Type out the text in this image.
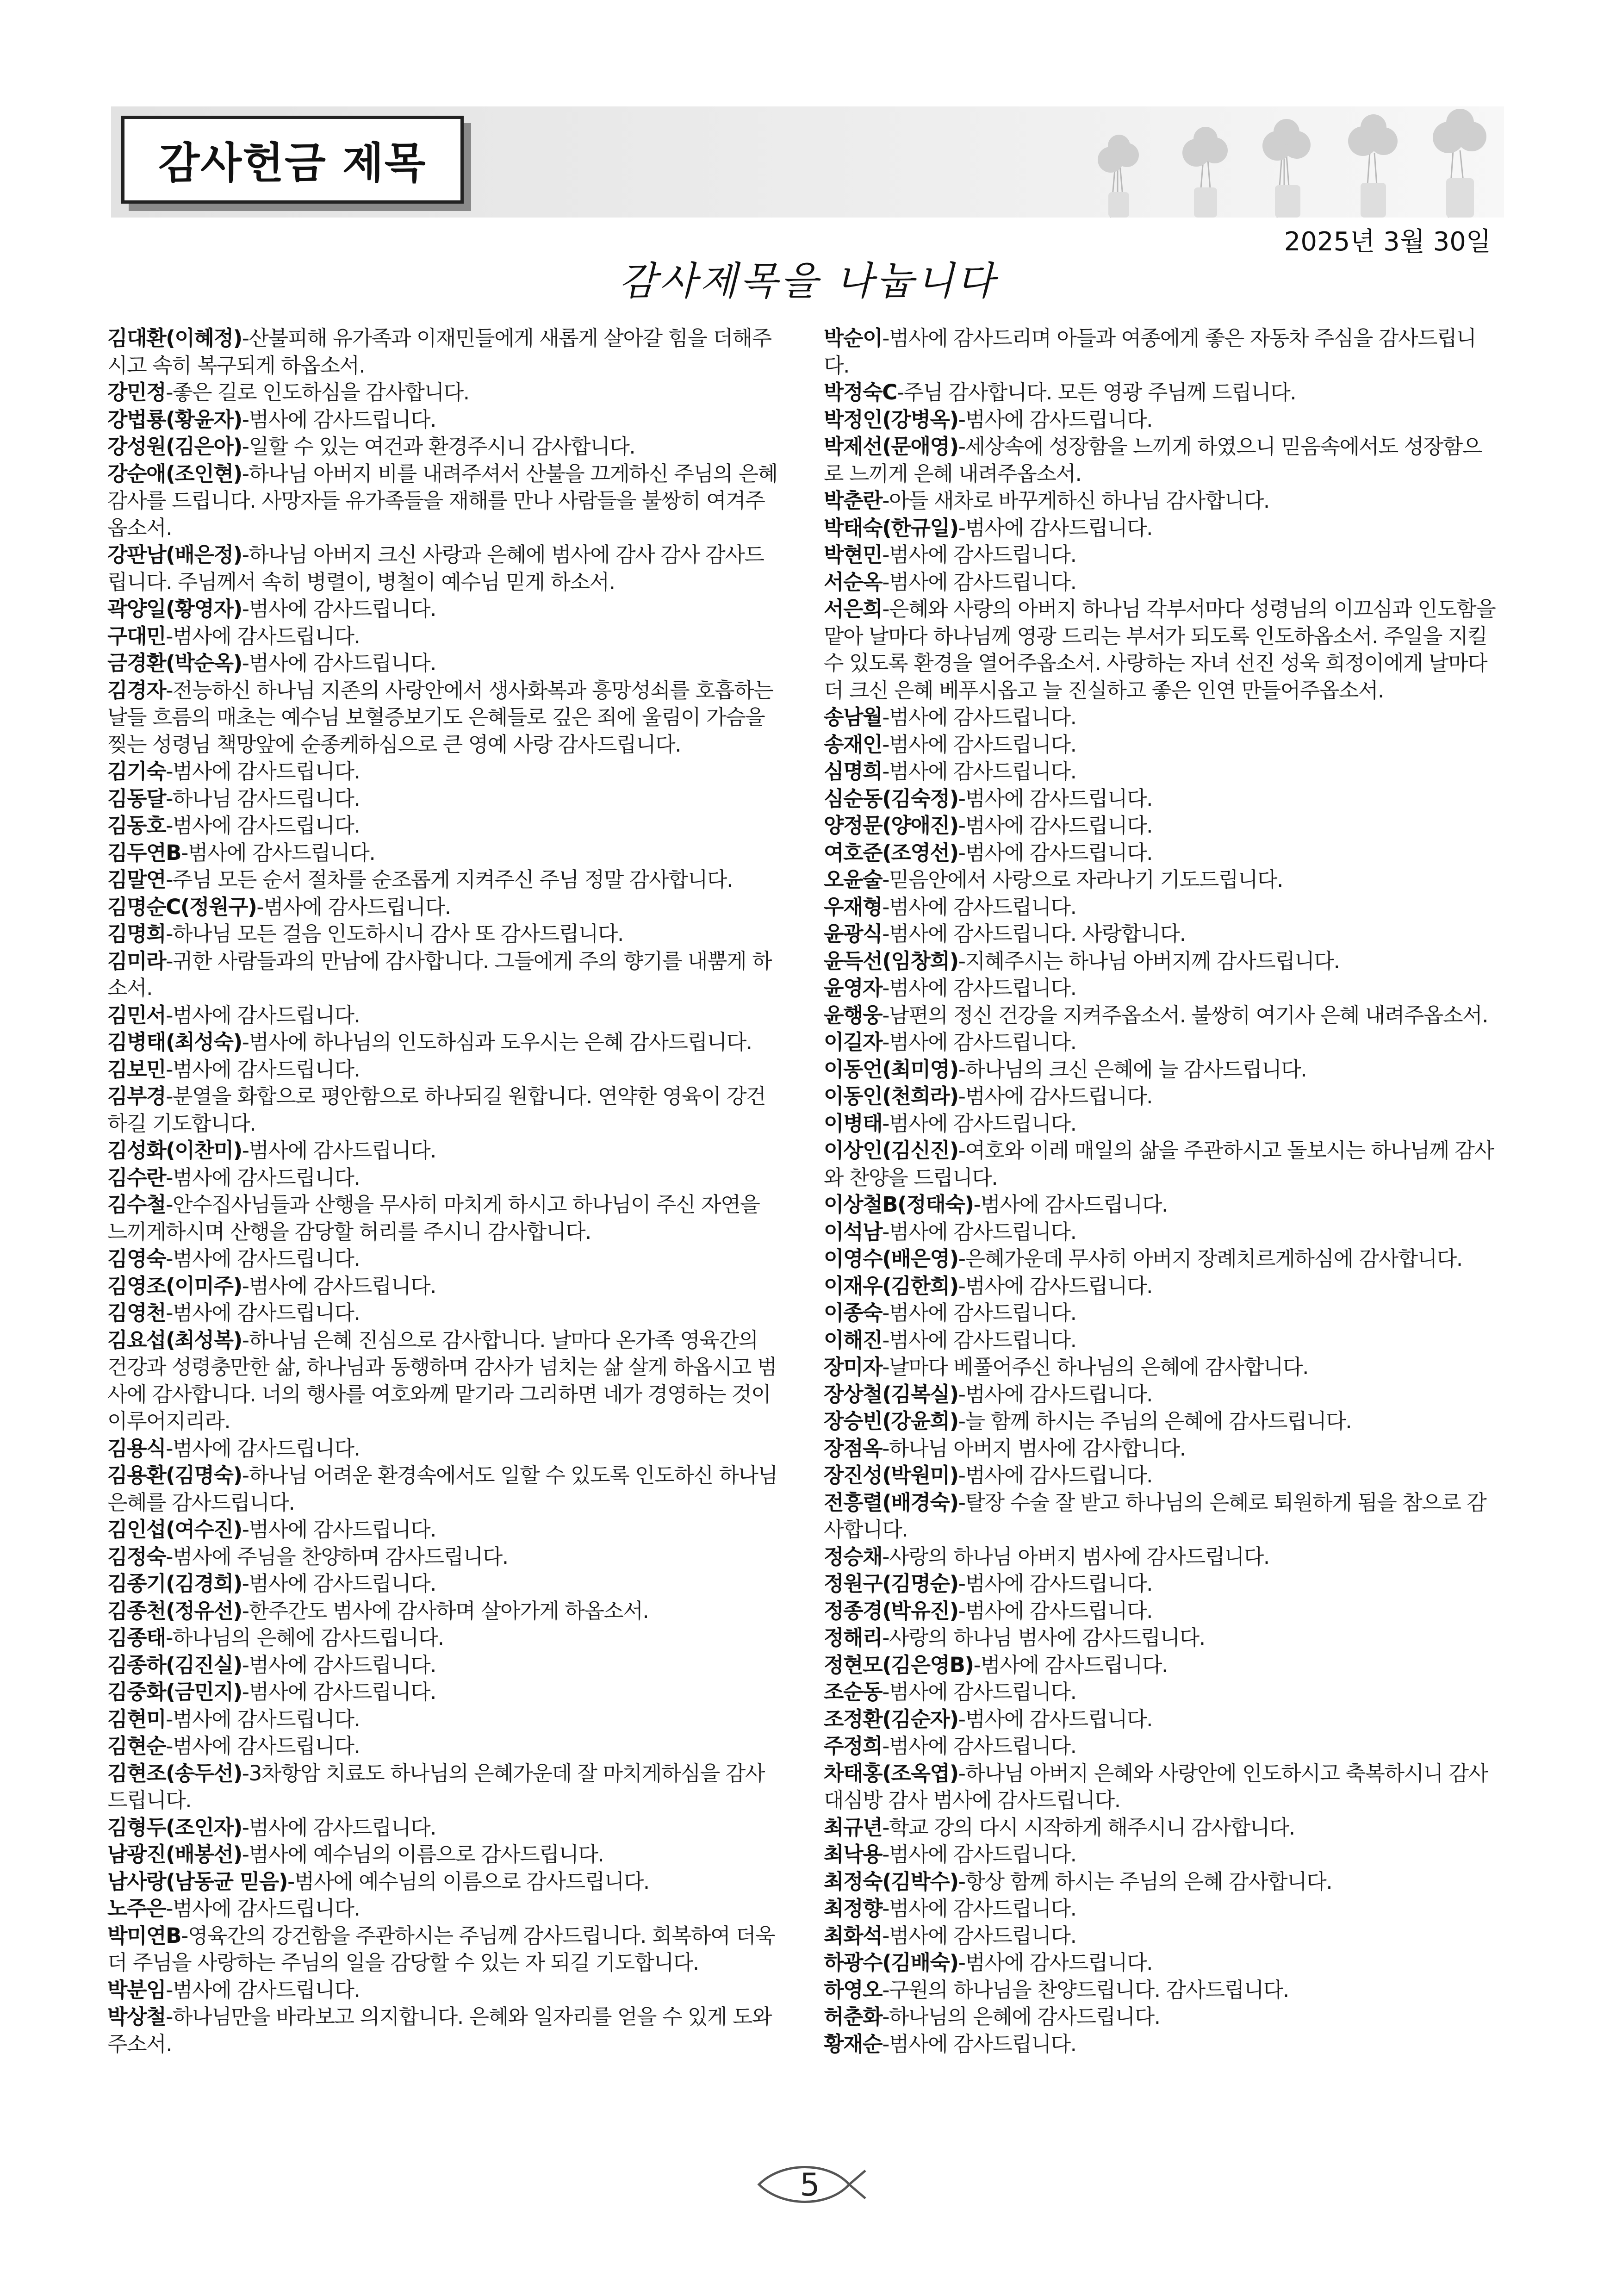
감사헌금 제목
2025년 3월 30일
감사제목을 나눕니다
김대환(이혜정)-산불피해 유가족과 이재민들에게 새롭게 살아갈 힘을 더해주시고 속히 복구되게 하옵소서.
강민정-좋은 길로 인도하심을 감사합니다.
강법룡(황윤자)-범사에 감사드립니다.
강성원(김은아)-일할 수 있는 여건과 환경주시니 감사합니다.
강순애(조인현)-하나님 아버지 비를 내려주셔서 산불을 끄게하신 주님의 은혜 감사를 드립니다. 사망자들 유가족들을 재해를 만나 사람들을 불쌍히 여겨주옵소서.
강판남(배은정)-하나님 아버지 크신 사랑과 은혜에 범사에 감사 감사 감사드립니다. 주님께서 속히 병렬이, 병철이 예수님 믿게 하소서.
곽양일(황영자)-범사에 감사드립니다.
구대민-범사에 감사드립니다.
금경환(박순옥)-범사에 감사드립니다.
김경자-전능하신 하나님 지존의 사랑안에서 생사화복과 흥망성쇠를 호흡하는 날들 흐름의 매초는 예수님 보혈증보기도 은혜들로 깊은 죄에 울림이 가슴을 찢는 성령님 책망앞에 순종케하심으로 큰 영예 사랑 감사드립니다.
김기숙-범사에 감사드립니다.
김동달-하나님 감사드립니다.
김동호-범사에 감사드립니다.
김두연B-범사에 감사드립니다.
김말연-주님 모든 순서 절차를 순조롭게 지켜주신 주님 정말 감사합니다.
김명순C(정원구)-범사에 감사드립니다.
김명희-하나님 모든 걸음 인도하시니 감사 또 감사드립니다.
김미라-귀한 사람들과의 만남에 감사합니다. 그들에게 주의 향기를 내뿜게 하소서.
김민서-범사에 감사드립니다.
김병태(최성숙)-범사에 하나님의 인도하심과 도우시는 은혜 감사드립니다.
김보민-범사에 감사드립니다.
김부경-분열을 화합으로 평안함으로 하나되길 원합니다. 연약한 영육이 강건하길 기도합니다.
김성화(이찬미)-범사에 감사드립니다.
김수란-범사에 감사드립니다.
김수철-안수집사님들과 산행을 무사히 마치게 하시고 하나님이 주신 자연을 느끼게하시며 산행을 감당할 허리를 주시니 감사합니다.
김영숙-범사에 감사드립니다.
김영조(이미주)-범사에 감사드립니다.
김영천-범사에 감사드립니다.
김요섭(최성복)-하나님 은혜 진심으로 감사합니다. 날마다 온가족 영육간의 건강과 성령충만한 삶, 하나님과 동행하며 감사가 넘치는 삶 살게 하옵시고 범사에 감사합니다. 너의 행사를 여호와께 맡기라 그리하면 네가 경영하는 것이 이루어지리라.
김용식-범사에 감사드립니다.
김용환(김명숙)-하나님 어려운 환경속에서도 일할 수 있도록 인도하신 하나님 은혜를 감사드립니다.
김인섭(여수진)-범사에 감사드립니다.
김정숙-범사에 주님을 찬양하며 감사드립니다.
김종기(김경희)-범사에 감사드립니다.
김종천(정유선)-한주간도 범사에 감사하며 살아가게 하옵소서.
김종태-하나님의 은혜에 감사드립니다.
김종하(김진실)-범사에 감사드립니다.
김중화(금민지)-범사에 감사드립니다.
김현미-범사에 감사드립니다.
김현순-범사에 감사드립니다.
김현조(송두선)-3차항암 치료도 하나님의 은혜가운데 잘 마치게하심을 감사드립니다.
김형두(조인자)-범사에 감사드립니다.
남광진(배봉선)-범사에 예수님의 이름으로 감사드립니다.
남사랑(남동균 믿음)-범사에 예수님의 이름으로 감사드립니다.
노주은-범사에 감사드립니다.
박미연B-영육간의 강건함을 주관하시는 주님께 감사드립니다. 회복하여 더욱더 주님을 사랑하는 주님의 일을 감당할 수 있는 자 되길 기도합니다.
박분임-범사에 감사드립니다.
박상철-하나님만을 바라보고 의지합니다. 은혜와 일자리를 얻을 수 있게 도와주소서.
박순이-범사에 감사드리며 아들과 여종에게 좋은 자동차 주심을 감사드립니다.
박정숙C-주님 감사합니다. 모든 영광 주님께 드립니다.
박정인(강병옥)-범사에 감사드립니다.
박제선(문애영)-세상속에 성장함을 느끼게 하였으니 믿음속에서도 성장함으로 느끼게 은혜 내려주옵소서.
박춘란-아들 새차로 바꾸게하신 하나님 감사합니다.
박태숙(한규일)-범사에 감사드립니다.
박현민-범사에 감사드립니다.
서순옥-범사에 감사드립니다.
서은희-은혜와 사랑의 아버지 하나님 각부서마다 성령님의 이끄심과 인도함을 맡아 날마다 하나님께 영광 드리는 부서가 되도록 인도하옵소서. 주일을 지킬수 있도록 환경을 열어주옵소서. 사랑하는 자녀 선진 성욱 희정이에게 날마다 더 크신 은혜 베푸시옵고 늘 진실하고 좋은 인연 만들어주옵소서.
송남월-범사에 감사드립니다.
송재인-범사에 감사드립니다.
심명희-범사에 감사드립니다.
심순동(김숙정)-범사에 감사드립니다.
양정문(양애진)-범사에 감사드립니다.
여호준(조영선)-범사에 감사드립니다.
오윤술-믿음안에서 사랑으로 자라나기 기도드립니다.
우재형-범사에 감사드립니다.
윤광식-범사에 감사드립니다. 사랑합니다.
윤득선(임창희)-지혜주시는 하나님 아버지께 감사드립니다.
윤영자-범사에 감사드립니다.
윤행웅-남편의 정신 건강을 지켜주옵소서. 불쌍히 여기사 은혜 내려주옵소서.
이길자-범사에 감사드립니다.
이동언(최미영)-하나님의 크신 은혜에 늘 감사드립니다.
이동인(천희라)-범사에 감사드립니다.
이병태-범사에 감사드립니다.
이상인(김신진)-여호와 이레 매일의 삶을 주관하시고 돌보시는 하나님께 감사와 찬양을 드립니다.
이상철B(정태숙)-범사에 감사드립니다.
이석남-범사에 감사드립니다.
이영수(배은영)-은혜가운데 무사히 아버지 장례치르게하심에 감사합니다.
이재우(김한희)-범사에 감사드립니다.
이종숙-범사에 감사드립니다.
이해진-범사에 감사드립니다.
장미자-날마다 베풀어주신 하나님의 은혜에 감사합니다.
장상철(김복실)-범사에 감사드립니다.
장승빈(강윤희)-늘 함께 하시는 주님의 은혜에 감사드립니다.
장점옥-하나님 아버지 범사에 감사합니다.
장진성(박원미)-범사에 감사드립니다.
전흥렬(배경숙)-탈장 수술 잘 받고 하나님의 은혜로 퇴원하게 됨을 참으로 감사합니다.
정승채-사랑의 하나님 아버지 범사에 감사드립니다.
정원구(김명순)-범사에 감사드립니다.
정종경(박유진)-범사에 감사드립니다.
정해리-사랑의 하나님 범사에 감사드립니다.
정현모(김은영B)-범사에 감사드립니다.
조순동-범사에 감사드립니다.
조정환(김순자)-범사에 감사드립니다.
주정희-범사에 감사드립니다.
차태홍(조옥엽)-하나님 아버지 은혜와 사랑안에 인도하시고 축복하시니 감사 대심방 감사 범사에 감사드립니다.
최규년-학교 강의 다시 시작하게 해주시니 감사합니다.
최낙용-범사에 감사드립니다.
최정숙(김박수)-항상 함께 하시는 주님의 은혜 감사합니다.
최정향-범사에 감사드립니다.
최화석-범사에 감사드립니다.
하광수(김배숙)-범사에 감사드립니다.
하영오-구원의 하나님을 찬양드립니다. 감사드립니다.
허춘화-하나님의 은혜에 감사드립니다.
황재순-범사에 감사드립니다.
5
